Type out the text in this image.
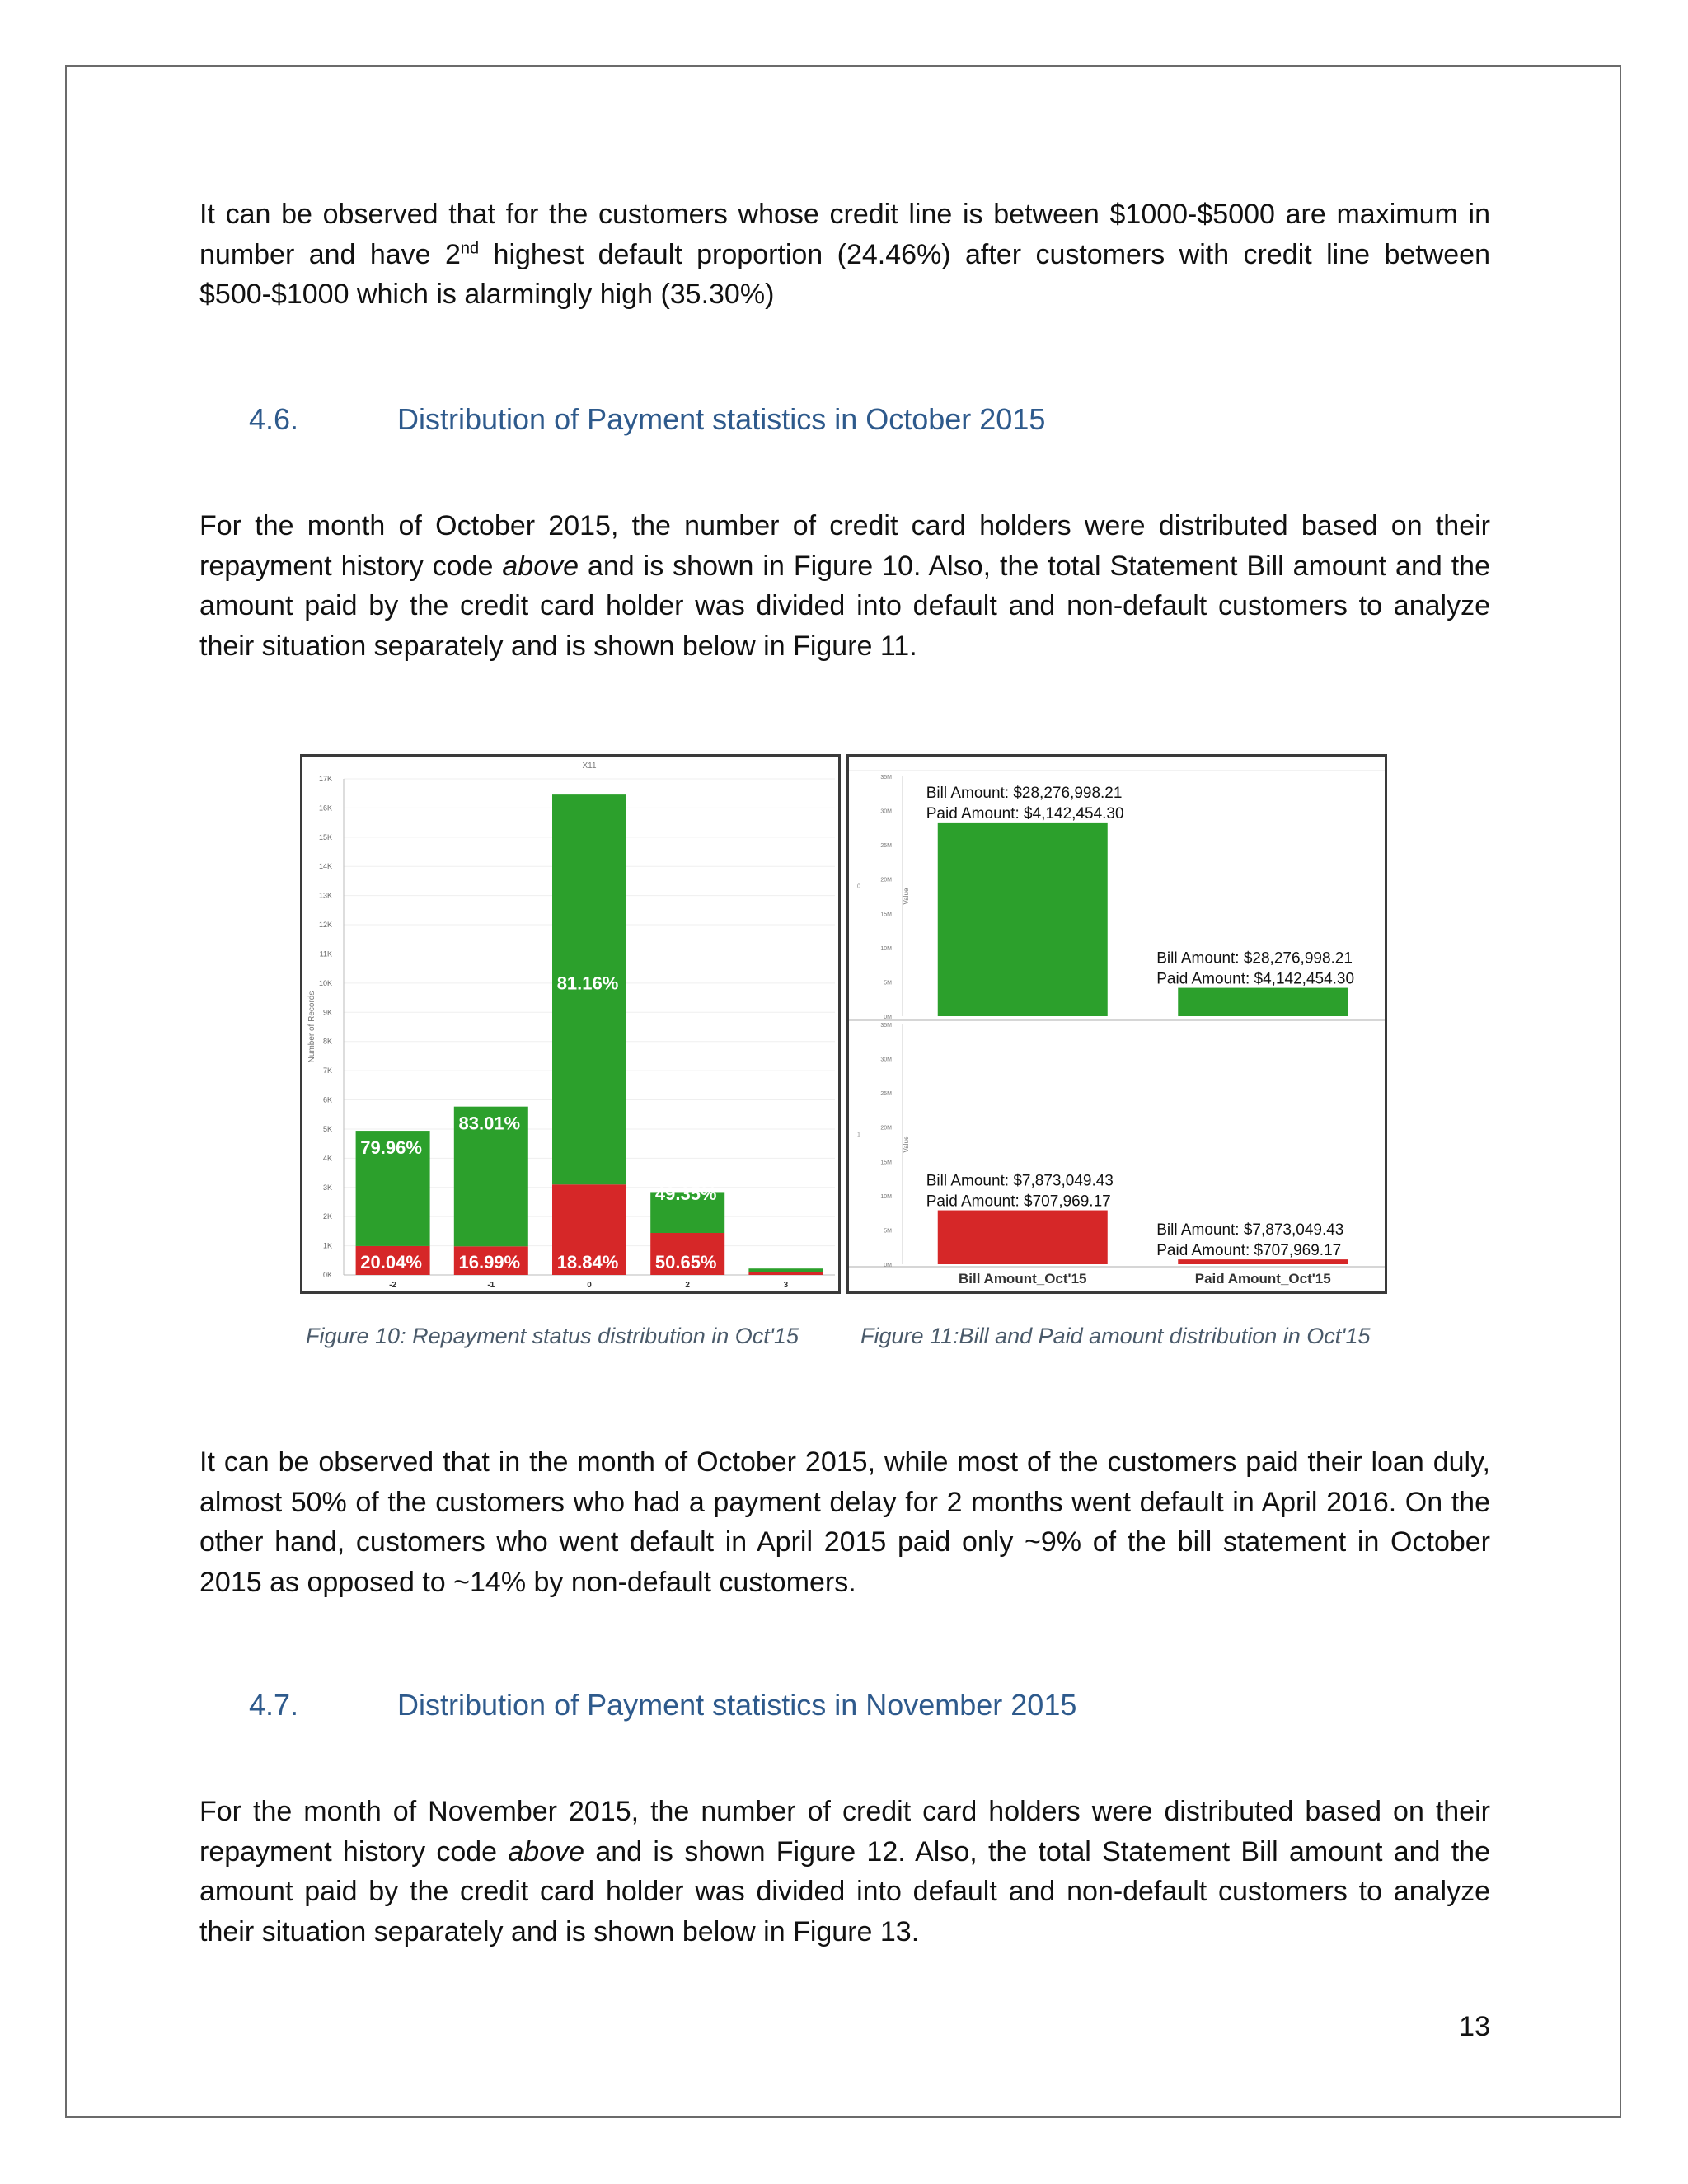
It can be observed that for the customers whose credit line is between $1000-$5000 are maximum in number and have 2nd highest default proportion (24.46%) after customers with credit line between $500-$1000 which is alarmingly high (35.30%)

4.6.	Distribution of Payment statistics in October 2015

For the month of October 2015, the number of credit card holders were distributed based on their repayment history code above and is shown in Figure 10. Also, the total Statement Bill amount and the amount paid by the credit card holder was divided into default and non-default customers to analyze their situation separately and is shown below in Figure 11.

X11
0K
1K
2K
3K
4K
5K
6K
7K
8K
9K
10K
11K
12K
13K
14K
15K
16K
17K
Number of Records
20.04%
79.96%
-2
16.99%
83.01%
-1
18.84%
81.16%
0
50.65%
49.35%
2	3
0M
5M
10M
15M
20M
25M
30M
35M
0
Value
Bill Amount: $28,276,998.21
Paid Amount: $4,142,454.30
Bill Amount: $28,276,998.21
Paid Amount: $4,142,454.30
0M
5M
10M
15M
20M
25M
30M
35M
1
Value
Bill Amount: $7,873,049.43
Paid Amount: $707,969.17
Bill Amount: $7,873,049.43
Paid Amount: $707,969.17
Bill Amount_Oct'15	Paid Amount_Oct'15
Figure 10: Repayment status distribution in Oct'15	Figure 11:Bill and Paid amount distribution in Oct'15

It can be observed that in the month of October 2015, while most of the customers paid their loan duly, almost 50% of the customers who had a payment delay for 2 months went default in April 2016. On the other hand, customers who went default in April 2015 paid only ~9% of the bill statement in October 2015 as opposed to ~14% by non-default customers.

4.7.	Distribution of Payment statistics in November 2015

For the month of November 2015, the number of credit card holders were distributed based on their repayment history code above and is shown Figure 12. Also, the total Statement Bill amount and the amount paid by the credit card holder was divided into default and non-default customers to analyze their situation separately and is shown below in Figure 13.

13
